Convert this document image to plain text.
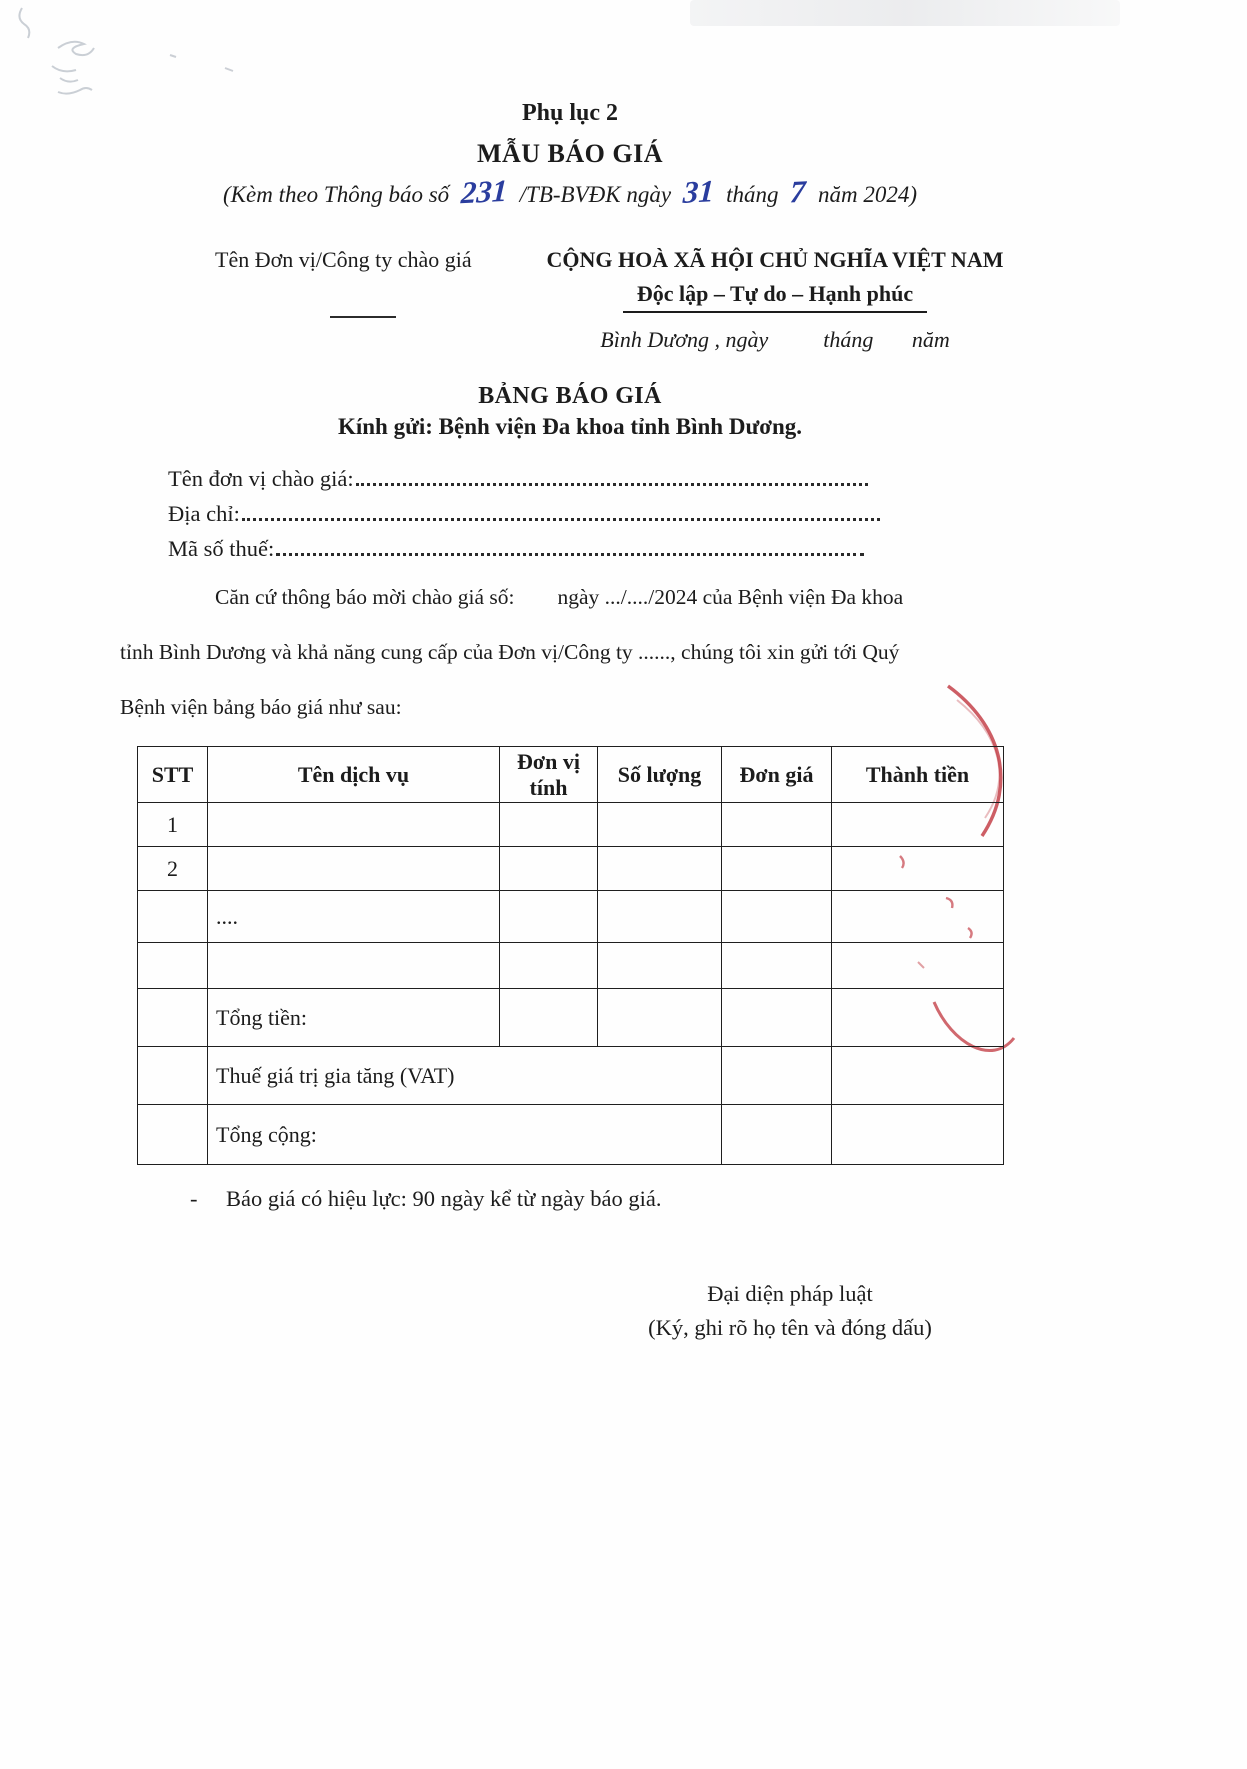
Phụ lục 2
MẪU BÁO GIÁ
(Kèm theo Thông báo số 231 /TB-BVĐK ngày 31 tháng 7 năm 2024)
Tên Đơn vị/Công ty chào giá	CỘNG HOÀ XÃ HỘI CHỦ NGHĨA VIỆT NAM
Độc lập – Tự do – Hạnh phúc
Bình Dương , ngày          tháng       năm
BẢNG BÁO GIÁ
Kính gửi: Bệnh viện Đa khoa tỉnh Bình Dương.
Tên đơn vị chào giá:
Địa chỉ:
Mã số thuế:
Căn cứ thông báo mời chào giá số:        ngày .../..../2024 của Bệnh viện Đa khoa
tỉnh Bình Dương và khả năng cung cấp của Đơn vị/Công ty ......, chúng tôi xin gửi tới Quý
Bệnh viện bảng báo giá như sau:
STT	Tên dịch vụ	Đơn vị tính	Số lượng	Đơn giá	Thành tiền
1					
2					
	....				

	Tổng tiền:				
	Thuế giá trị gia tăng (VAT)				
	Tổng cộng:				
-	Báo giá có hiệu lực: 90 ngày kể từ ngày báo giá.
Đại diện pháp luật
(Ký, ghi rõ họ tên và đóng dấu)
